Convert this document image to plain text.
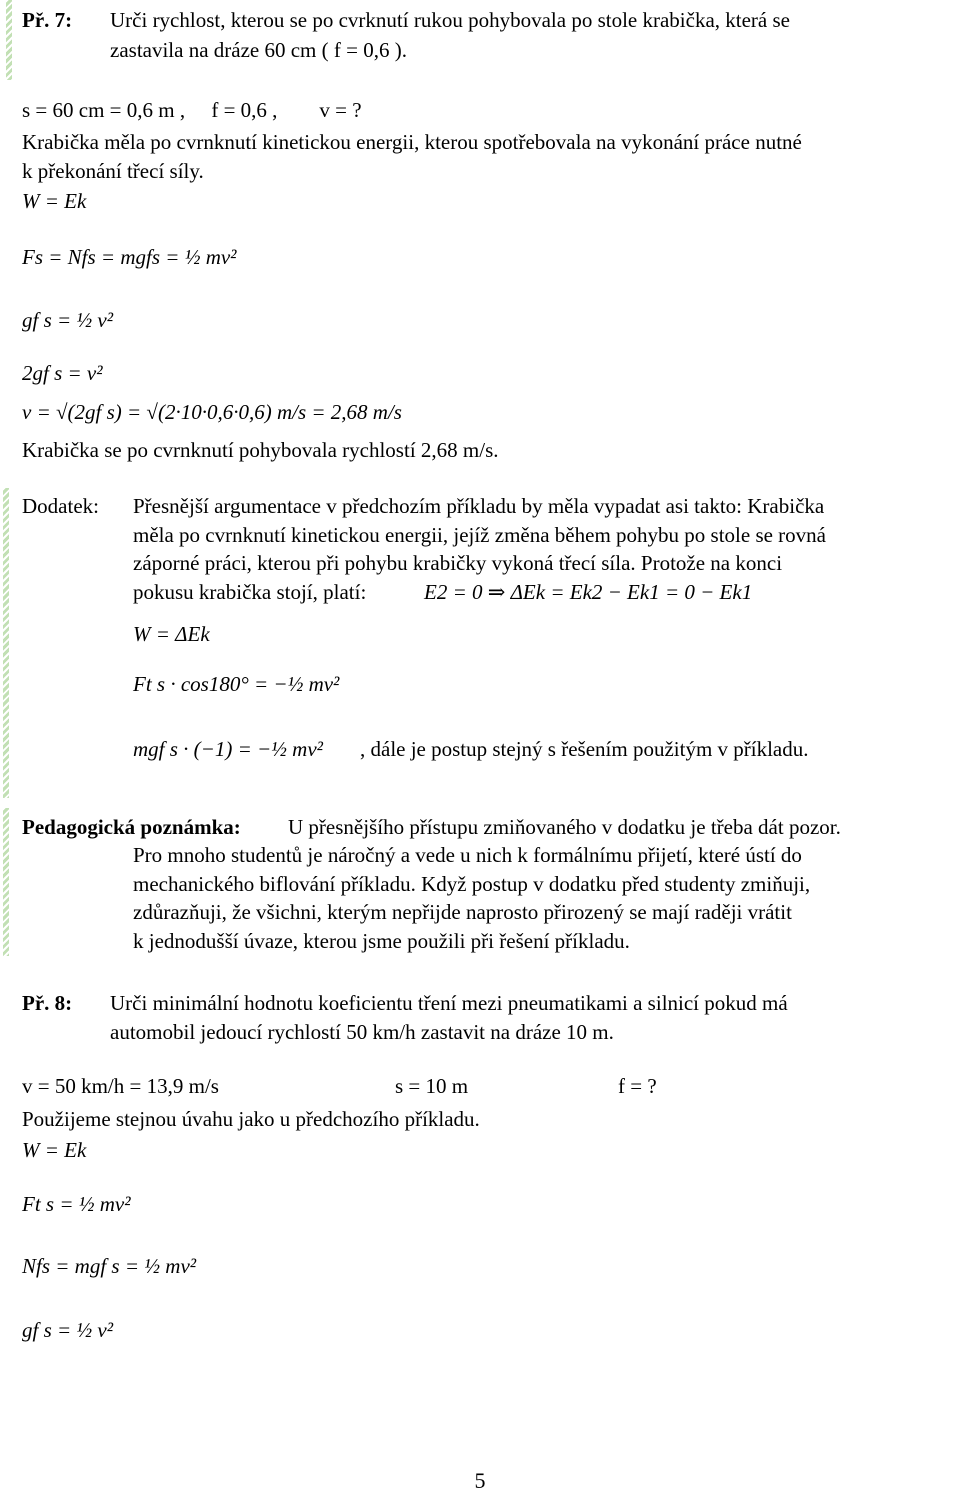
Př. 7: Urči rychlost, kterou se po cvrknutí rukou pohybovala po stole krabička, která se
zastavila na dráze 60 cm ( f = 0,6 ).
s = 60 cm = 0,6 m ,     f = 0,6 ,        v = ?
Krabička měla po cvrnknutí kinetickou energii, kterou spotřebovala na vykonání práce nutné
k překonání třecí síly.
W = Ek
Fs = Nfs = mgfs = ½ mv²
gf s = ½ v²
2gf s = v²
v = √(2gf s) = √(2·10·0,6·0,6) m/s = 2,68 m/s
Krabička se po cvrnknutí pohybovala rychlostí 2,68 m/s.
Dodatek: Přesnější argumentace v předchozím příkladu by měla vypadat asi takto: Krabička
měla po cvrnknutí kinetickou energii, jejíž změna během pohybu po stole se rovná
záporné práci, kterou při pohybu krabičky vykoná třecí síla. Protože na konci
pokusu krabička stojí, platí:	E2 = 0 ⇒ ΔEk = Ek2 − Ek1 = 0 − Ek1
W = ΔEk
Ft s · cos180° = −½ mv²
mgf s · (−1) = −½ mv² , dále je postup stejný s řešením použitým v příkladu.
Pedagogická poznámka: U přesnějšího přístupu zmiňovaného v dodatku je třeba dát pozor.
Pro mnoho studentů je náročný a vede u nich k formálnímu přijetí, které ústí do
mechanického biflování příkladu. Když postup v dodatku před studenty zmiňuji,
zdůrazňuji, že všichni, kterým nepřijde naprosto přirozený se mají raději vrátit
k jednodušší úvaze, kterou jsme použili při řešení příkladu.
Př. 8: Urči minimální hodnotu koeficientu tření mezi pneumatikami a silnicí pokud má
automobil jedoucí rychlostí 50 km/h zastavit na dráze 10 m.
v = 50 km/h = 13,9 m/s	s = 10 m	f = ?
Použijeme stejnou úvahu jako u předchozího příkladu.
W = Ek
Ft s = ½ mv²
Nfs = mgf s = ½ mv²
gf s = ½ v²
5
